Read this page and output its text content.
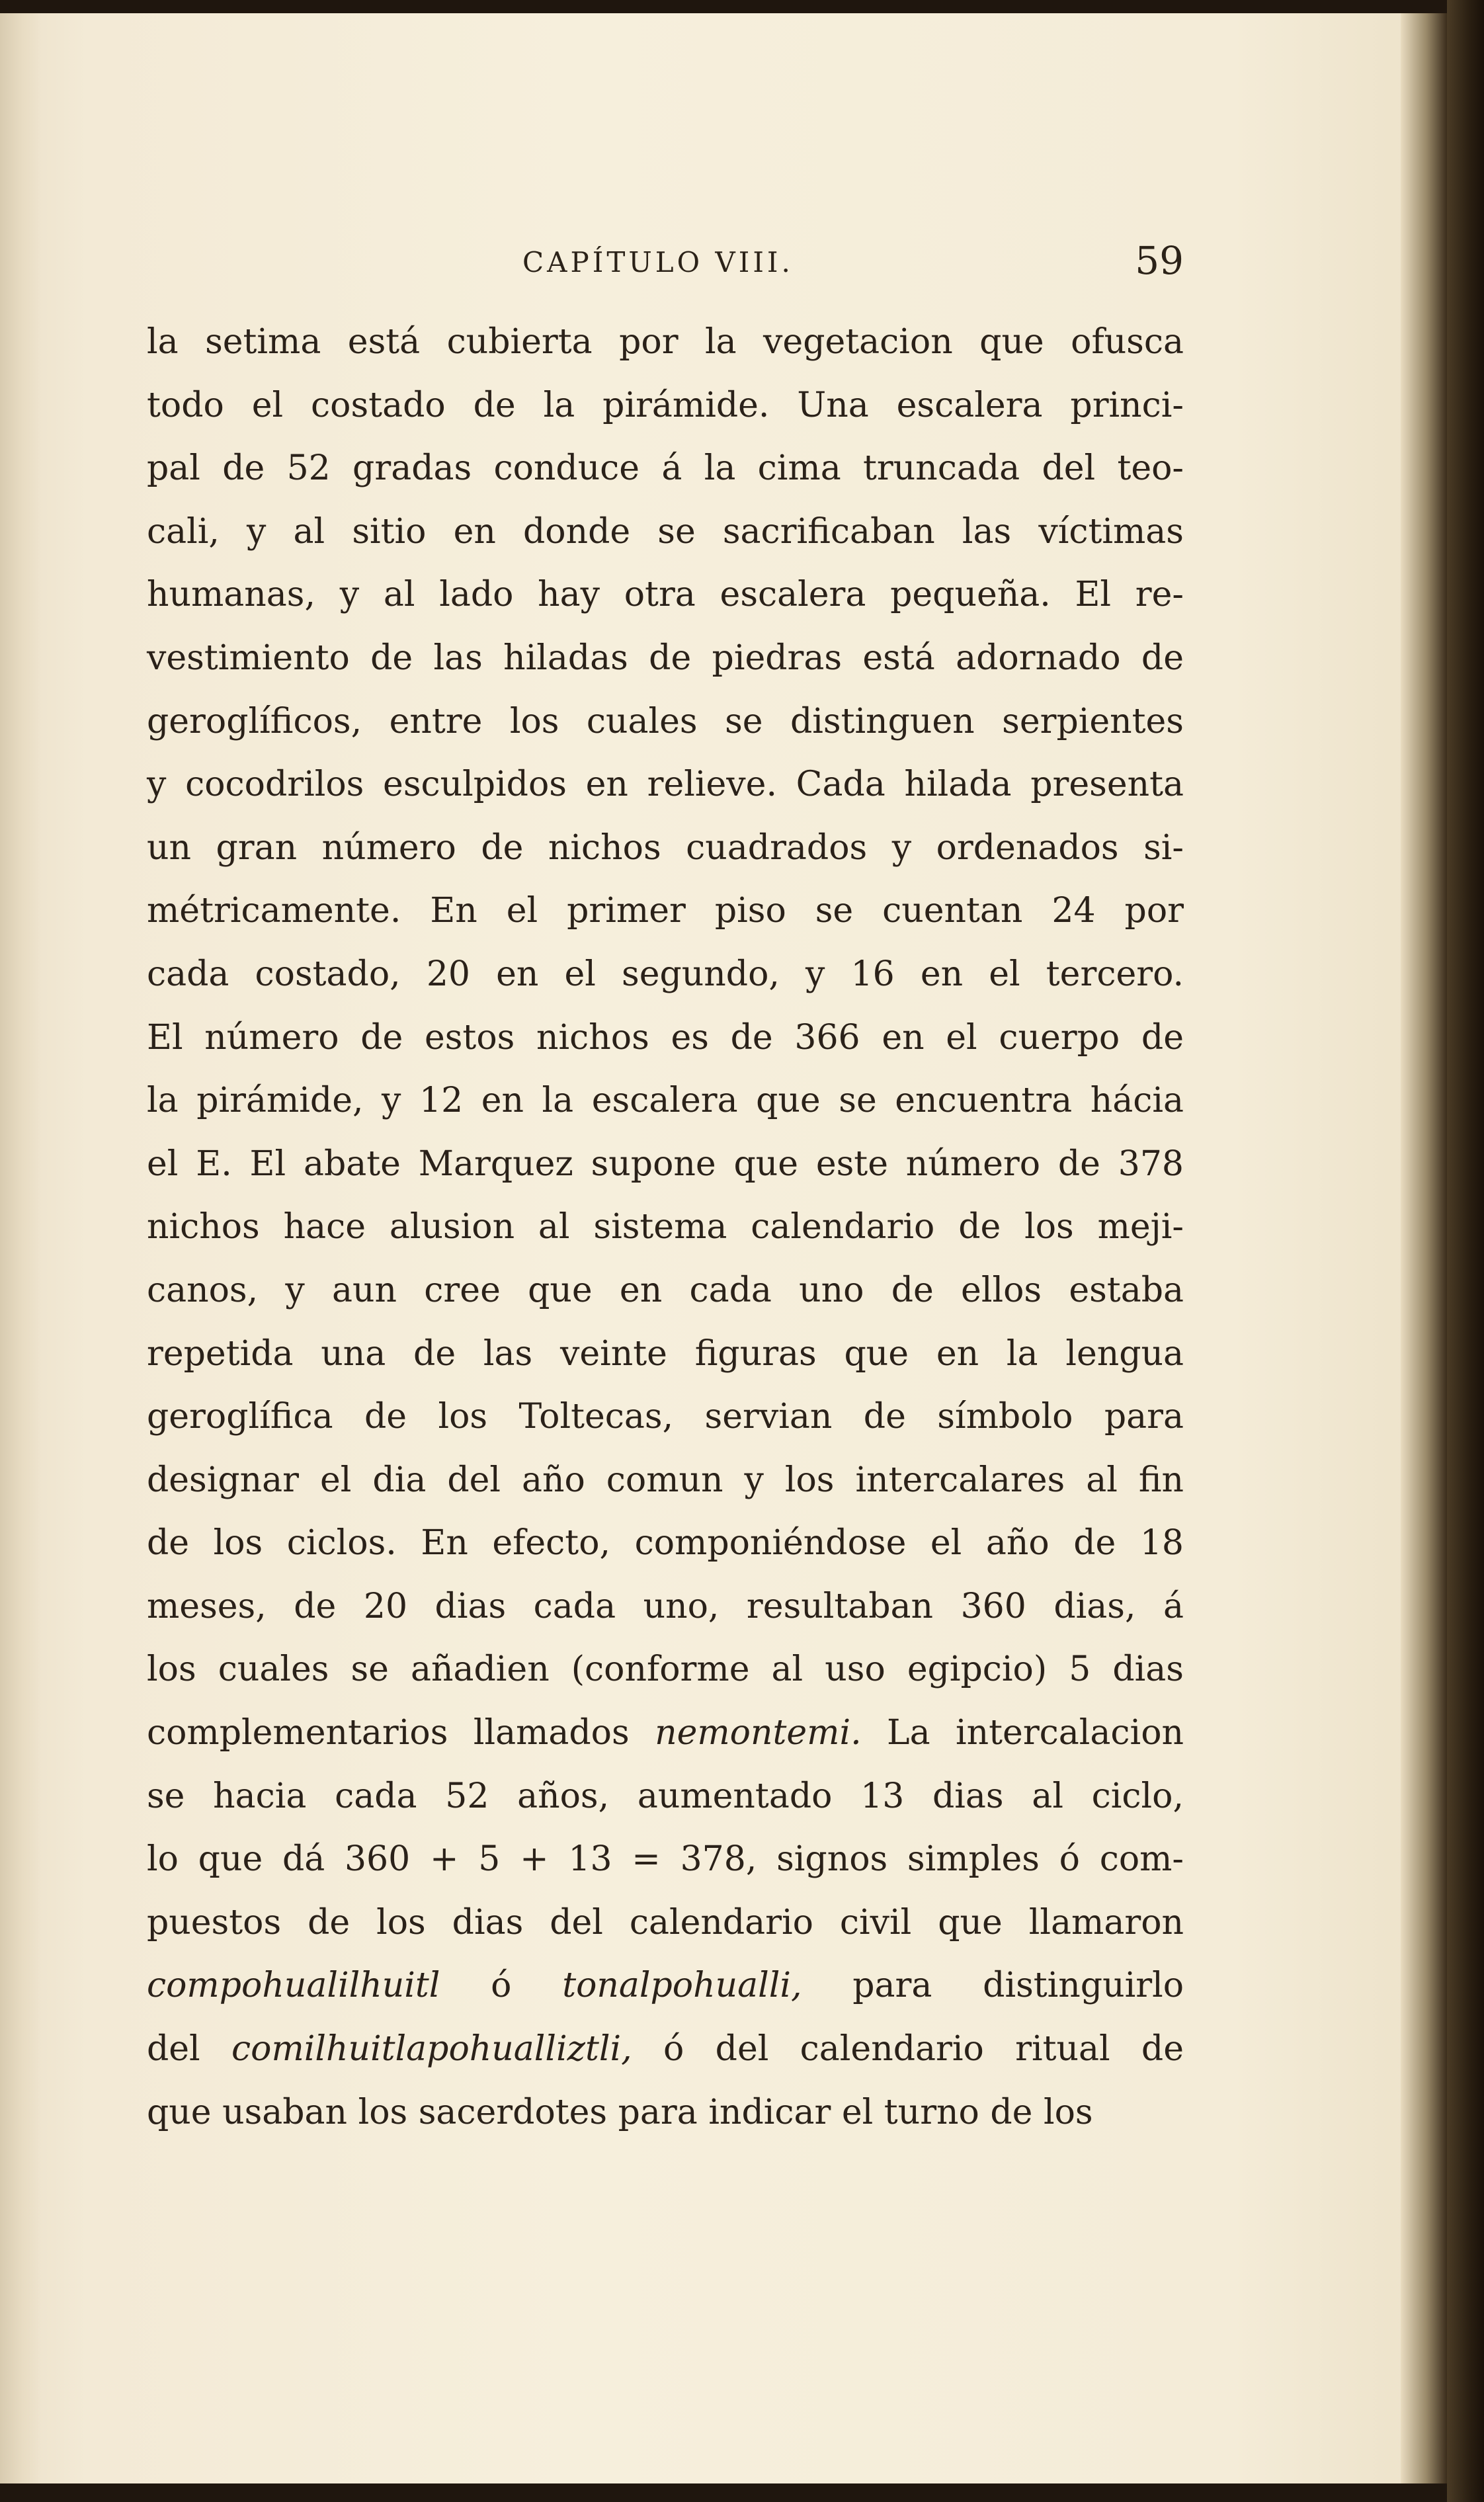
CAPÍTULO VIII.	59
la setima está cubierta por la vegetacion que ofusca
todo el costado de la pirámide. Una escalera princi-
pal de 52 gradas conduce á la cima truncada del teo-
cali, y al sitio en donde se sacrificaban las víctimas
humanas, y al lado hay otra escalera pequeña. El re-
vestimiento de las hiladas de piedras está adornado de
geroglíficos, entre los cuales se distinguen serpientes
y cocodrilos esculpidos en relieve. Cada hilada presenta
un gran número de nichos cuadrados y ordenados si-
métricamente. En el primer piso se cuentan 24 por
cada costado, 20 en el segundo, y 16 en el tercero.
El número de estos nichos es de 366 en el cuerpo de
la pirámide, y 12 en la escalera que se encuentra hácia
el E. El abate Marquez supone que este número de 378
nichos hace alusion al sistema calendario de los meji-
canos, y aun cree que en cada uno de ellos estaba
repetida una de las veinte figuras que en la lengua
geroglífica de los Toltecas, servian de símbolo para
designar el dia del año comun y los intercalares al fin
de los ciclos. En efecto, componiéndose el año de 18
meses, de 20 dias cada uno, resultaban 360 dias, á
los cuales se añadien (conforme al uso egipcio) 5 dias
complementarios llamados nemontemi. La intercalacion
se hacia cada 52 años, aumentado 13 dias al ciclo,
lo que dá 360 + 5 + 13 = 378, signos simples ó com-
puestos de los dias del calendario civil que llamaron
compohualilhuitl ó tonalpohualli, para distinguirlo
del comilhuitlapohualliztli, ó del calendario ritual de
que usaban los sacerdotes para indicar el turno de los
